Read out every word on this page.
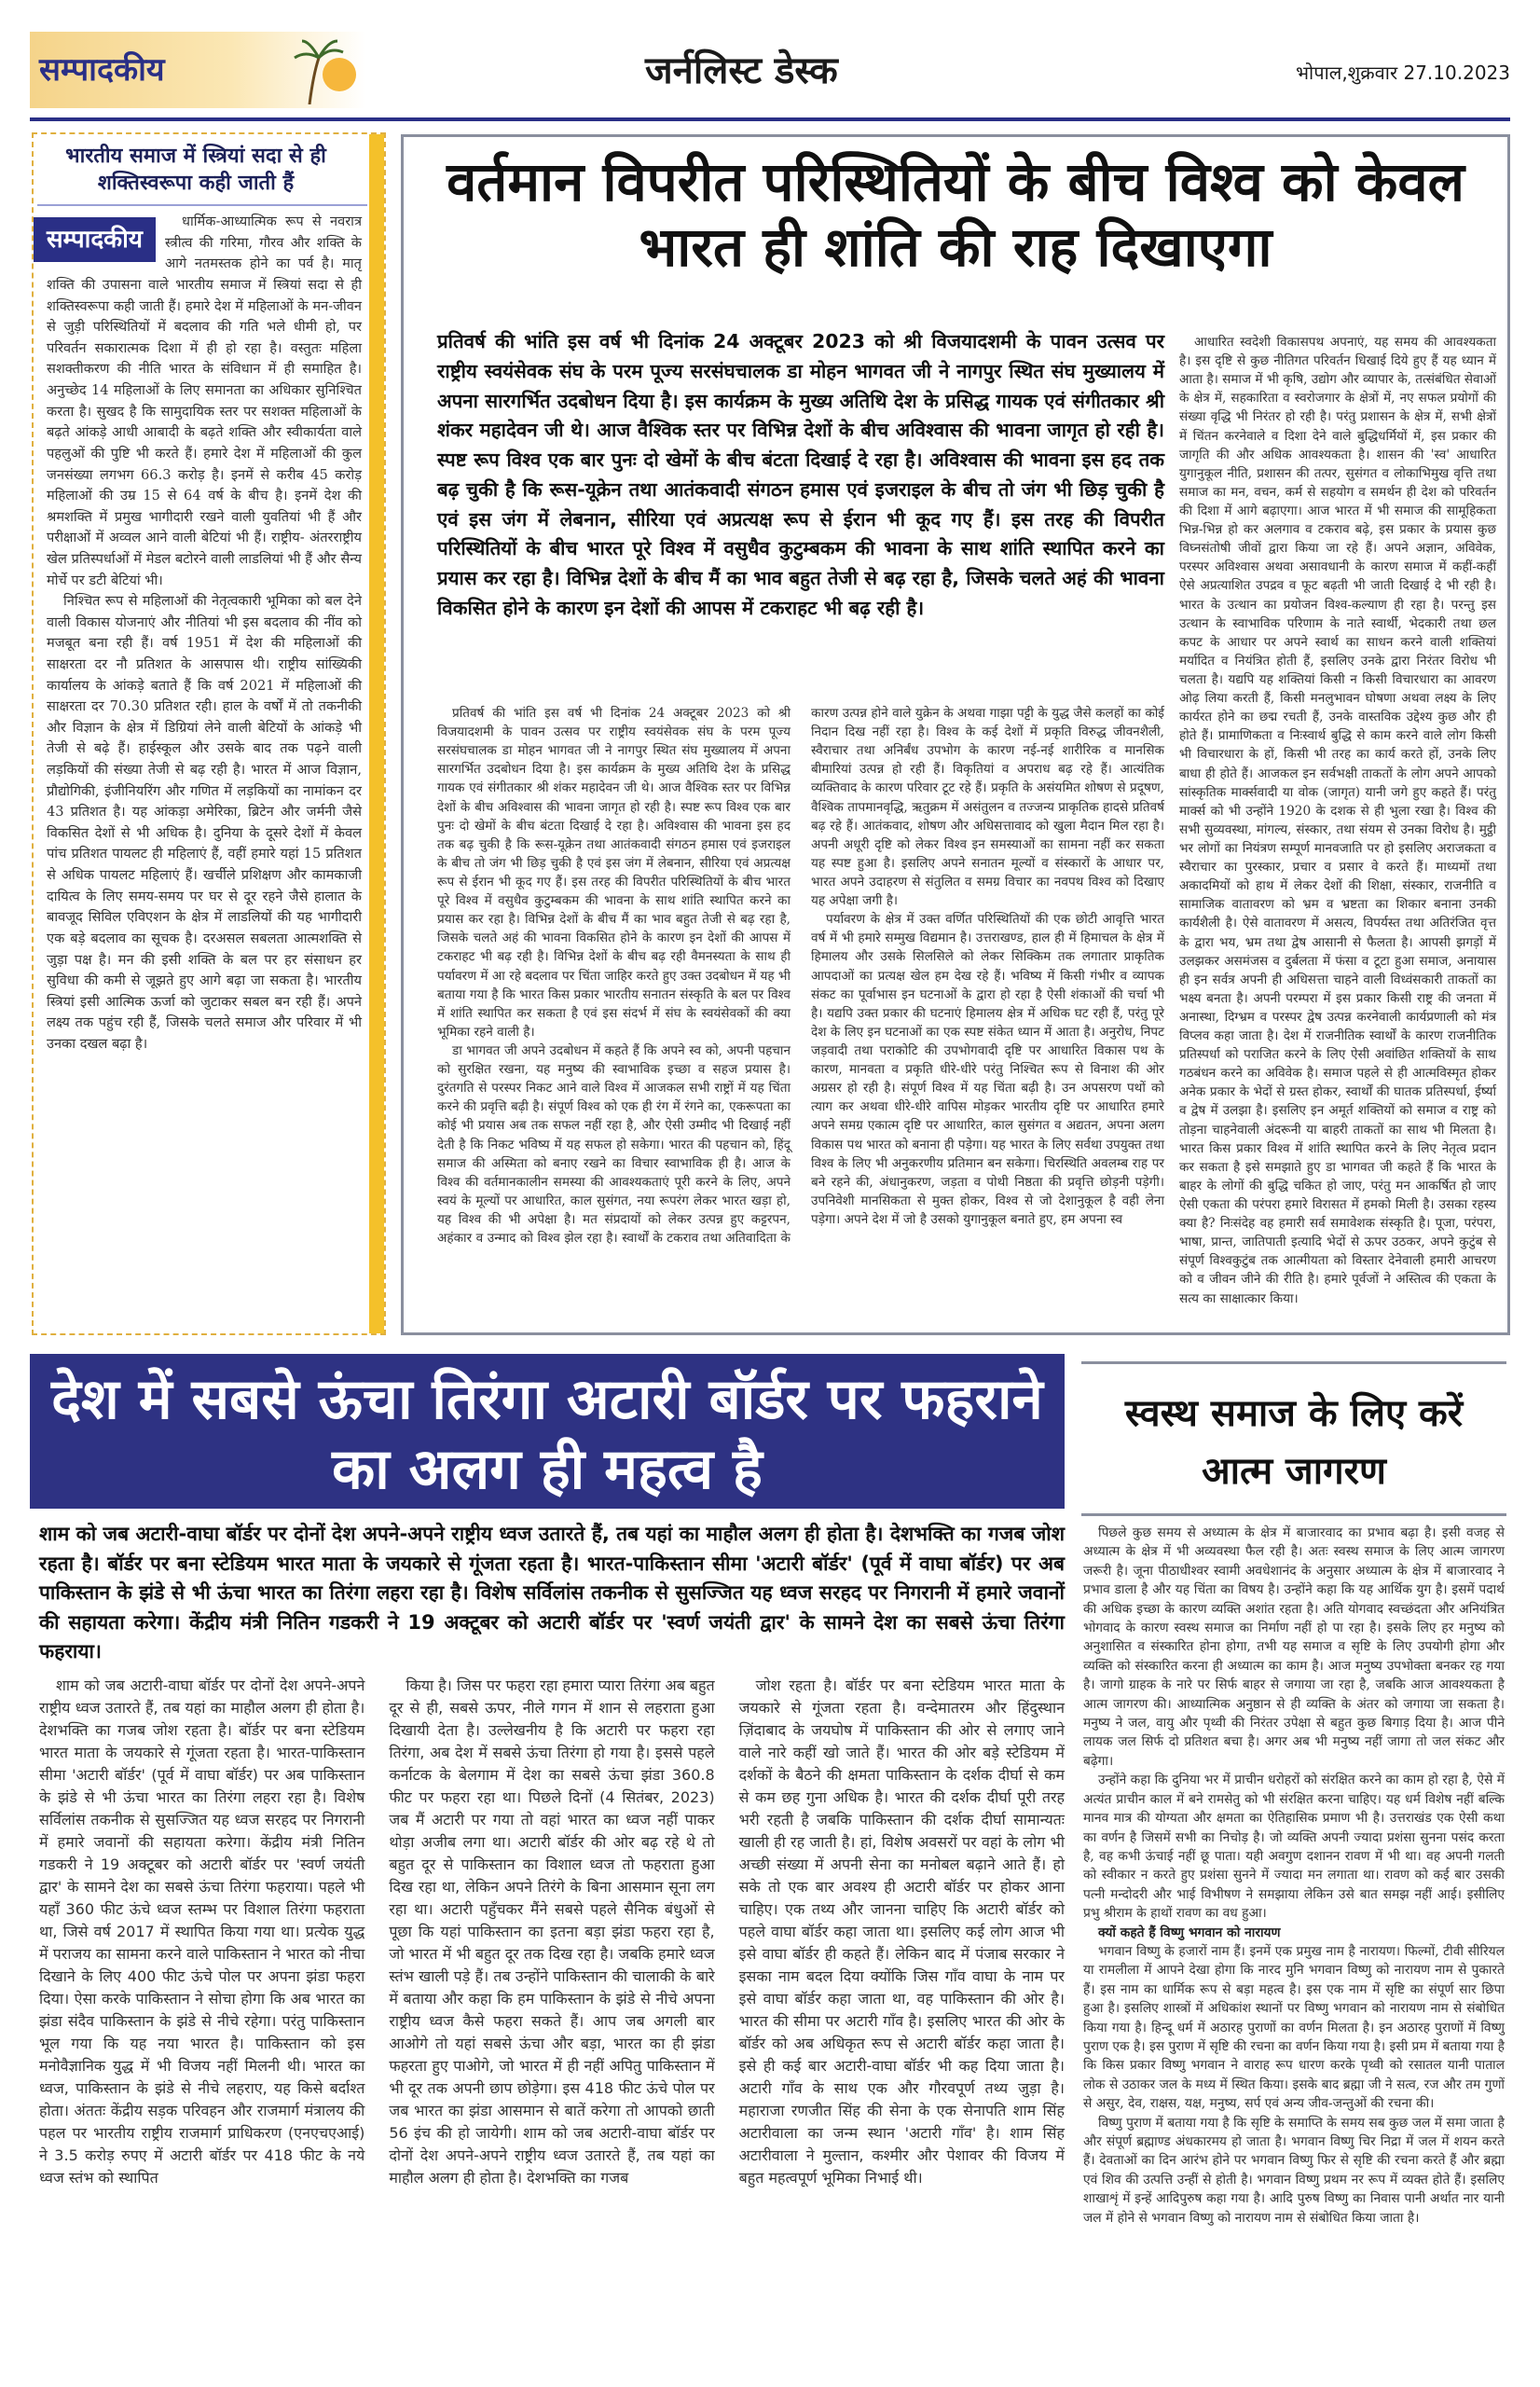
सम्पादकीय	जर्नलिस्ट डेस्क	भोपाल,शुक्रवार 27.10.2023
भारतीय समाज में स्त्रियां सदा से ही शक्तिस्वरूपा कही जाती हैं
सम्पादकीय

धार्मिक-आध्यात्मिक रूप से नवरात्र स्त्रीत्व की गरिमा, गौरव और शक्ति के आगे नतमस्तक होने का पर्व है। मातृ शक्ति की उपासना वाले भारतीय समाज में स्त्रियां सदा से ही शक्तिस्वरूपा कही जाती हैं। हमारे देश में महिलाओं के मन-जीवन से जुड़ी परिस्थितियों में बदलाव की गति भले धीमी हो, पर परिवर्तन सकारात्मक दिशा में ही हो रहा है। वस्तुतः महिला सशक्तीकरण की नीति भारत के संविधान में ही समाहित है। अनुच्छेद 14 महिलाओं के लिए समानता का अधिकार सुनिश्चित करता है। सुखद है कि सामुदायिक स्तर पर सशक्त महिलाओं के बढ़ते आंकड़े आधी आबादी के बढ़ते शक्ति और स्वीकार्यता वाले पहलुओं की पुष्टि भी करते हैं। हमारे देश में महिलाओं की कुल जनसंख्या लगभग 66.3 करोड़ है। इनमें से करीब 45 करोड़ महिलाओं की उम्र 15 से 64 वर्ष के बीच है। इनमें देश की श्रमशक्ति में प्रमुख भागीदारी रखने वाली युवतियां भी हैं और परीक्षाओं में अव्वल आने वाली बेटियां भी हैं। राष्ट्रीय- अंतरराष्ट्रीय खेल प्रतिस्पर्धाओं में मेडल बटोरने वाली लाडलियां भी हैं और सैन्य मोर्चे पर डटी बेटियां भी।

निश्चित रूप से महिलाओं की नेतृत्वकारी भूमिका को बल देने वाली विकास योजनाएं और नीतियां भी इस बदलाव की नींव को मजबूत बना रही हैं। वर्ष 1951 में देश की महिलाओं की साक्षरता दर नौ प्रतिशत के आसपास थी। राष्ट्रीय सांख्यिकी कार्यालय के आंकड़े बताते हैं कि वर्ष 2021 में महिलाओं की साक्षरता दर 70.30 प्रतिशत रही। हाल के वर्षों में तो तकनीकी और विज्ञान के क्षेत्र में डिग्रियां लेने वाली बेटियों के आंकड़े भी तेजी से बढ़े हैं। हाईस्कूल और उसके बाद तक पढ़ने वाली लड़कियों की संख्या तेजी से बढ़ रही है। भारत में आज विज्ञान, प्रौद्योगिकी, इंजीनियरिंग और गणित में लड़कियों का नामांकन दर 43 प्रतिशत है। यह आंकड़ा अमेरिका, ब्रिटेन और जर्मनी जैसे विकसित देशों से भी अधिक है। दुनिया के दूसरे देशों में केवल पांच प्रतिशत पायलट ही महिलाएं हैं, वहीं हमारे यहां 15 प्रतिशत से अधिक पायलट महिलाएं हैं। खर्चीले प्रशिक्षण और कामकाजी दायित्व के लिए समय-समय पर घर से दूर रहने जैसे हालात के बावजूद सिविल एविएशन के क्षेत्र में लाडलियों की यह भागीदारी एक बड़े बदलाव का सूचक है। दरअसल सबलता आत्मशक्ति से जुड़ा पक्ष है। मन की इसी शक्ति के बल पर हर संसाधन हर सुविधा की कमी से जूझते हुए आगे बढ़ा जा सकता है। भारतीय स्त्रियां इसी आत्मिक ऊर्जा को जुटाकर सबल बन रही हैं। अपने लक्ष्य तक पहुंच रही हैं, जिसके चलते समाज और परिवार में भी उनका दखल बढ़ा है।

वर्तमान विपरीत परिस्थितियों के बीच विश्व को केवल भारत ही शांति की राह दिखाएगा
प्रतिवर्ष की भांति इस वर्ष भी दिनांक 24 अक्टूबर 2023 को श्री विजयादशमी के पावन उत्सव पर राष्ट्रीय स्वयंसेवक संघ के परम पूज्य सरसंघचालक डा मोहन भागवत जी ने नागपुर स्थित संघ मुख्यालय में अपना सारगर्भित उदबोधन दिया है। इस कार्यक्रम के मुख्य अतिथि देश के प्रसिद्ध गायक एवं संगीतकार श्री शंकर महादेवन जी थे। आज वैश्विक स्तर पर विभिन्न देशों के बीच अविश्वास की भावना जागृत हो रही है। स्पष्ट रूप विश्व एक बार पुनः दो खेमों के बीच बंटता दिखाई दे रहा है। अविश्वास की भावना इस हद तक बढ़ चुकी है कि रूस-यूक्रेन तथा आतंकवादी संगठन हमास एवं इजराइल के बीच तो जंग भी छिड़ चुकी है एवं इस जंग में लेबनान, सीरिया एवं अप्रत्यक्ष रूप से ईरान भी कूद गए हैं। इस तरह की विपरीत परिस्थितियों के बीच भारत पूरे विश्व में वसुधैव कुटुम्बकम की भावना के साथ शांति स्थापित करने का प्रयास कर रहा है। विभिन्न देशों के बीच मैं का भाव बहुत तेजी से बढ़ रहा है, जिसके चलते अहं की भावना विकसित होने के कारण इन देशों की आपस में टकराहट भी बढ़ रही है।

प्रतिवर्ष की भांति इस वर्ष भी दिनांक 24 अक्टूबर 2023 को श्री विजयादशमी के पावन उत्सव पर राष्ट्रीय स्वयंसेवक संघ के परम पूज्य सरसंघचालक डा मोहन भागवत जी ने नागपुर स्थित संघ मुख्यालय में अपना सारगर्भित उदबोधन दिया है। इस कार्यक्रम के मुख्य अतिथि देश के प्रसिद्ध गायक एवं संगीतकार श्री शंकर महादेवन जी थे। आज वैश्विक स्तर पर विभिन्न देशों के बीच अविश्वास की भावना जागृत हो रही है। स्पष्ट रूप विश्व एक बार पुनः दो खेमों के बीच बंटता दिखाई दे रहा है। अविश्वास की भावना इस हद तक बढ़ चुकी है कि रूस-यूक्रेन तथा आतंकवादी संगठन हमास एवं इजराइल के बीच तो जंग भी छिड़ चुकी है एवं इस जंग में लेबनान, सीरिया एवं अप्रत्यक्ष रूप से ईरान भी कूद गए हैं। इस तरह की विपरीत परिस्थितियों के बीच भारत पूरे विश्व में वसुधैव कुटुम्बकम की भावना के साथ शांति स्थापित करने का प्रयास कर रहा है। विभिन्न देशों के बीच मैं का भाव बहुत तेजी से बढ़ रहा है, जिसके चलते अहं की भावना विकसित होने के कारण इन देशों की आपस में टकराहट भी बढ़ रही है। विभिन्न देशों के बीच बढ़ रही वैमनस्यता के साथ ही पर्यावरण में आ रहे बदलाव पर चिंता जाहिर करते हुए उक्त उदबोधन में यह भी बताया गया है कि भारत किस प्रकार भारतीय सनातन संस्कृति के बल पर विश्व में शांति स्थापित कर सकता है एवं इस संदर्भ में संघ के स्वयंसेवकों की क्या भूमिका रहने वाली है।

डा भागवत जी अपने उदबोधन में कहते हैं कि अपने स्व को, अपनी पहचान को सुरक्षित रखना, यह मनुष्य की स्वाभाविक इच्छा व सहज प्रयास है। दुरंतगति से परस्पर निकट आने वाले विश्व में आजकल सभी राष्ट्रों में यह चिंता करने की प्रवृत्ति बढ़ी है। संपूर्ण विश्व को एक ही रंग में रंगने का, एकरूपता का कोई भी प्रयास अब तक सफल नहीं रहा है, और ऐसी उम्मीद भी दिखाई नहीं देती है कि निकट भविष्य में यह सफल हो सकेगा। भारत की पहचान को, हिंदू समाज की अस्मिता को बनाए रखने का विचार स्वाभाविक ही है। आज के विश्व की वर्तमानकालीन समस्या की आवश्यकताएं पूरी करने के लिए, अपने स्वयं के मूल्यों पर आधारित, काल सुसंगत, नया रूपरंग लेकर भारत खड़ा हो, यह विश्व की भी अपेक्षा है। मत संप्रदायों को लेकर उत्पन्न हुए कट्टरपन, अहंकार व उन्माद को विश्व झेल रहा है। स्वार्थों के टकराव तथा अतिवादिता के कारण उत्पन्न होने वाले युक्रेन के अथवा गाझा पट्टी के युद्ध जैसे कलहों का कोई निदान दिख नहीं रहा है। विश्व के कई देशों में प्रकृति विरुद्ध जीवनशैली, स्वैराचार तथा अनिर्बंध उपभोग के कारण नई-नई शारीरिक व मानसिक बीमारियां उत्पन्न हो रही हैं। विकृतियां व अपराध बढ़ रहे हैं। आत्यंतिक व्यक्तिवाद के कारण परिवार टूट रहे हैं। प्रकृति के असंयमित शोषण से प्रदूषण, वैश्विक तापमानवृद्धि, ऋतुक्रम में असंतुलन व तज्जन्य प्राकृतिक हादसे प्रतिवर्ष बढ़ रहे हैं। आतंकवाद, शोषण और अधिसत्तावाद को खुला मैदान मिल रहा है। अपनी अधूरी दृष्टि को लेकर विश्व इन समस्याओं का सामना नहीं कर सकता यह स्पष्ट हुआ है। इसलिए अपने सनातन मूल्यों व संस्कारों के आधार पर, भारत अपने उदाहरण से संतुलित व समग्र विचार का नवपथ विश्व को दिखाए यह अपेक्षा जगी है।

पर्यावरण के क्षेत्र में उक्त वर्णित परिस्थितियों की एक छोटी आवृत्ति भारत वर्ष में भी हमारे सम्मुख विद्यमान है। उत्तराखण्ड, हाल ही में हिमाचल के क्षेत्र में हिमालय और उसके सिलसिले को लेकर सिक्किम तक लगातार प्राकृतिक आपदाओं का प्रत्यक्ष खेल हम देख रहे हैं। भविष्य में किसी गंभीर व व्यापक संकट का पूर्वाभास इन घटनाओं के द्वारा हो रहा है ऐसी शंकाओं की चर्चा भी है। यद्यपि उक्त प्रकार की घटनाएं हिमालय क्षेत्र में अधिक घट रही हैं, परंतु पूरे देश के लिए इन घटनाओं का एक स्पष्ट संकेत ध्यान में आता है। अनुरोध, निपट जड़वादी तथा पराकोटि की उपभोगवादी दृष्टि पर आधारित विकास पथ के कारण, मानवता व प्रकृति धीरे-धीरे परंतु निश्चित रूप से विनाश की ओर अग्रसर हो रही है। संपूर्ण विश्व में यह चिंता बढ़ी है। उन अपसरण पथों को त्याग कर अथवा धीरे-धीरे वापिस मोड़कर भारतीय दृष्टि पर आधारित हमारे अपने समग्र एकात्म दृष्टि पर आधारित, काल सुसंगत व अद्यतन, अपना अलग विकास पथ भारत को बनाना ही पड़ेगा। यह भारत के लिए सर्वथा उपयुक्त तथा विश्व के लिए भी अनुकरणीय प्रतिमान बन सकेगा। चिरस्थिति अवलम्ब राह पर बने रहने की, अंधानुकरण, जड़ता व पोथी निष्ठता की प्रवृत्ति छोड़नी पड़ेगी। उपनिवेशी मानसिकता से मुक्त होकर, विश्व से जो देशानुकूल है वही लेना पड़ेगा। अपने देश में जो है उसको युगानुकूल बनाते हुए, हम अपना स्व

आधारित स्वदेशी विकासपथ अपनाएं, यह समय की आवश्यकता है। इस दृष्टि से कुछ नीतिगत परिवर्तन धिखाई दिये हुए हैं यह ध्यान में आता है। समाज में भी कृषि, उद्योग और व्यापार के, तत्संबंधित सेवाओं के क्षेत्र में, सहकारिता व स्वरोजगार के क्षेत्रों में, नए सफल प्रयोगों की संख्या वृद्धि भी निरंतर हो रही है। परंतु प्रशासन के क्षेत्र में, सभी क्षेत्रों में चिंतन करनेवाले व दिशा देने वाले बुद्धिधर्मियों में, इस प्रकार की जागृति की और अधिक आवश्यकता है। शासन की 'स्व' आधारित युगानुकूल नीति, प्रशासन की तत्पर, सुसंगत व लोकाभिमुख वृत्ति तथा समाज का मन, वचन, कर्म से सहयोग व समर्थन ही देश को परिवर्तन की दिशा में आगे बढ़ाएगा। आज भारत में भी समाज की सामूहिकता भिन्न-भिन्न हो कर अलगाव व टकराव बढ़े, इस प्रकार के प्रयास कुछ विघ्नसंतोषी जीवों द्वारा किया जा रहे हैं। अपने अज्ञान, अविवेक, परस्पर अविश्वास अथवा असावधानी के कारण समाज में कहीं-कहीं ऐसे अप्रत्याशित उपद्रव व फूट बढ़ती भी जाती दिखाई दे भी रही है। भारत के उत्थान का प्रयोजन विश्व-कल्याण ही रहा है। परन्तु इस उत्थान के स्वाभाविक परिणाम के नाते स्वार्थी, भेदकारी तथा छल कपट के आधार पर अपने स्वार्थ का साधन करने वाली शक्तियां मर्यादित व नियंत्रित होती हैं, इसलिए उनके द्वारा निरंतर विरोध भी चलता है। यद्यपि यह शक्तियां किसी न किसी विचारधारा का आवरण ओढ़ लिया करती हैं, किसी मनलुभावन घोषणा अथवा लक्ष्य के लिए कार्यरत होने का छद्म रचती हैं, उनके वास्तविक उद्देश्य कुछ और ही होते हैं। प्रामाणिकता व निःस्वार्थ बुद्धि से काम करने वाले लोग किसी भी विचारधारा के हों, किसी भी तरह का कार्य करते हों, उनके लिए बाधा ही होते हैं। आजकल इन सर्वभक्षी ताकतों के लोग अपने आपको सांस्कृतिक मार्क्सवादी या वोक (जागृत) यानी जगे हुए कहते हैं। परंतु मार्क्स को भी उन्होंने 1920 के दशक से ही भुला रखा है। विश्व की सभी सुव्यवस्था, मांगल्य, संस्कार, तथा संयम से उनका विरोध है। मुट्ठी भर लोगों का नियंत्रण सम्पूर्ण मानवजाति पर हो इसलिए अराजकता व स्वैराचार का पुरस्कार, प्रचार व प्रसार वे करते हैं। माध्यमों तथा अकादमियों को हाथ में लेकर देशों की शिक्षा, संस्कार, राजनीति व सामाजिक वातावरण को भ्रम व भ्रष्टता का शिकार बनाना उनकी कार्यशैली है। ऐसे वातावरण में असत्य, विपर्यस्त तथा अतिरंजित वृत्त के द्वारा भय, भ्रम तथा द्वेष आसानी से फैलता है। आपसी झगड़ों में उलझकर असमंजस व दुर्बलता में फंसा व टूटा हुआ समाज, अनायास ही इन सर्वत्र अपनी ही अधिसत्ता चाहने वाली विध्वंसकारी ताकतों का भक्ष्य बनता है। अपनी परम्परा में इस प्रकार किसी राष्ट्र की जनता में अनास्था, दिग्भ्रम व परस्पर द्वेष उत्पन्न करनेवाली कार्यप्रणाली को मंत्र विप्लव कहा जाता है। देश में राजनीतिक स्वार्थों के कारण राजनीतिक प्रतिस्पर्धा को पराजित करने के लिए ऐसी अवांछित शक्तियों के साथ गठबंधन करने का अविवेक है। समाज पहले से ही आत्मविस्मृत होकर अनेक प्रकार के भेदों से ग्रस्त होकर, स्वार्थों की घातक प्रतिस्पर्धा, ईर्ष्या व द्वेष में उलझा है। इसलिए इन अमूर्त शक्तियों को समाज व राष्ट्र को तोड़ना चाहनेवाली अंदरूनी या बाहरी ताकतों का साथ भी मिलता है। भारत किस प्रकार विश्व में शांति स्थापित करने के लिए नेतृत्व प्रदान कर सकता है इसे समझाते हुए डा भागवत जी कहते हैं कि भारत के बाहर के लोगों की बुद्धि चकित हो जाए, परंतु मन आकर्षित हो जाए ऐसी एकता की परंपरा हमारे विरासत में हमको मिली है। उसका रहस्य क्या है? निःसंदेह वह हमारी सर्व समावेशक संस्कृति है। पूजा, परंपरा, भाषा, प्रान्त, जातिपाती इत्यादि भेदों से ऊपर उठकर, अपने कुटुंब से संपूर्ण विश्वकुटुंब तक आत्मीयता को विस्तार देनेवाली हमारी आचरण को व जीवन जीने की रीति है। हमारे पूर्वजों ने अस्तित्व की एकता के सत्य का साक्षात्कार किया।

देश में सबसे ऊंचा तिरंगा अटारी बॉर्डर पर फहराने का अलग ही महत्व है
शाम को जब अटारी-वाघा बॉर्डर पर दोनों देश अपने-अपने राष्ट्रीय ध्वज उतारते हैं, तब यहां का माहौल अलग ही होता है। देशभक्ति का गजब जोश रहता है। बॉर्डर पर बना स्टेडियम भारत माता के जयकारे से गूंजता रहता है। भारत-पाकिस्तान सीमा 'अटारी बॉर्डर' (पूर्व में वाघा बॉर्डर) पर अब पाकिस्तान के झंडे से भी ऊंचा भारत का तिरंगा लहरा रहा है। विशेष सर्विलांस तकनीक से सुसज्जित यह ध्वज सरहद पर निगरानी में हमारे जवानों की सहायता करेगा। केंद्रीय मंत्री नितिन गडकरी ने 19 अक्टूबर को अटारी बॉर्डर पर 'स्वर्ण जयंती द्वार' के सामने देश का सबसे ऊंचा तिरंगा फहराया।

शाम को जब अटारी-वाघा बॉर्डर पर दोनों देश अपने-अपने राष्ट्रीय ध्वज उतारते हैं, तब यहां का माहौल अलग ही होता है। देशभक्ति का गजब जोश रहता है। बॉर्डर पर बना स्टेडियम भारत माता के जयकारे से गूंजता रहता है। भारत-पाकिस्तान सीमा 'अटारी बॉर्डर' (पूर्व में वाघा बॉर्डर) पर अब पाकिस्तान के झंडे से भी ऊंचा भारत का तिरंगा लहरा रहा है। विशेष सर्विलांस तकनीक से सुसज्जित यह ध्वज सरहद पर निगरानी में हमारे जवानों की सहायता करेगा। केंद्रीय मंत्री नितिन गडकरी ने 19 अक्टूबर को अटारी बॉर्डर पर 'स्वर्ण जयंती द्वार' के सामने देश का सबसे ऊंचा तिरंगा फहराया। पहले भी यहाँ 360 फीट ऊंचे ध्वज स्तम्भ पर विशाल तिरंगा फहराता था, जिसे वर्ष 2017 में स्थापित किया गया था। प्रत्येक युद्ध में पराजय का सामना करने वाले पाकिस्तान ने भारत को नीचा दिखाने के लिए 400 फीट ऊंचे पोल पर अपना झंडा फहरा दिया। ऐसा करके पाकिस्तान ने सोचा होगा कि अब भारत का झंडा संदैव पाकिस्तान के झंडे से नीचे रहेगा। परंतु पाकिस्तान भूल गया कि यह नया भारत है। पाकिस्तान को इस मनोवैज्ञानिक युद्ध में भी विजय नहीं मिलनी थी। भारत का ध्वज, पाकिस्तान के झंडे से नीचे लहराए, यह किसे बर्दाश्त होता। अंततः केंद्रीय सड़क परिवहन और राजमार्ग मंत्रालय की पहल पर भारतीय राष्ट्रीय राजमार्ग प्राधिकरण (एनएचएआई) ने 3.5 करोड़ रुपए में अटारी बॉर्डर पर 418 फीट के नये ध्वज स्तंभ को स्थापित

किया है। जिस पर फहरा रहा हमारा प्यारा तिरंगा अब बहुत दूर से ही, सबसे ऊपर, नीले गगन में शान से लहराता हुआ दिखायी देता है। उल्लेखनीय है कि अटारी पर फहरा रहा तिरंगा, अब देश में सबसे ऊंचा तिरंगा हो गया है। इससे पहले कर्नाटक के बेलगाम में देश का सबसे ऊंचा झंडा 360.8 फीट पर फहरा रहा था। पिछले दिनों (4 सितंबर, 2023) जब मैं अटारी पर गया तो वहां भारत का ध्वज नहीं पाकर थोड़ा अजीब लगा था। अटारी बॉर्डर की ओर बढ़ रहे थे तो बहुत दूर से पाकिस्तान का विशाल ध्वज तो फहराता हुआ दिख रहा था, लेकिन अपने तिरंगे के बिना आसमान सूना लग रहा था। अटारी पहुँचकर मैंने सबसे पहले सैनिक बंधुओं से पूछा कि यहां पाकिस्तान का इतना बड़ा झंडा फहरा रहा है, जो भारत में भी बहुत दूर तक दिख रहा है। जबकि हमारे ध्वज स्तंभ खाली पड़े हैं। तब उन्होंने पाकिस्तान की चालाकी के बारे में बताया और कहा कि हम पाकिस्तान के झंडे से नीचे अपना राष्ट्रीय ध्वज कैसे फहरा सकते हैं। आप जब अगली बार आओगे तो यहां सबसे ऊंचा और बड़ा, भारत का ही झंडा फहरता हुए पाओगे, जो भारत में ही नहीं अपितु पाकिस्तान में भी दूर तक अपनी छाप छोड़ेगा। इस 418 फीट ऊंचे पोल पर जब भारत का झंडा आसमान से बातें करेगा तो आपको छाती 56 इंच की हो जायेगी। शाम को जब अटारी-वाघा बॉर्डर पर दोनों देश अपने-अपने राष्ट्रीय ध्वज उतारते हैं, तब यहां का माहौल अलग ही होता है। देशभक्ति का गजब

जोश रहता है। बॉर्डर पर बना स्टेडियम भारत माता के जयकारे से गूंजता रहता है। वन्देमातरम और हिंदुस्थान ज़िंदाबाद के जयघोष में पाकिस्तान की ओर से लगाए जाने वाले नारे कहीं खो जाते हैं। भारत की ओर बड़े स्टेडियम में दर्शकों के बैठने की क्षमता पाकिस्तान के दर्शक दीर्घा से कम से कम छह गुना अधिक है। भारत की दर्शक दीर्घा पूरी तरह भरी रहती है जबकि पाकिस्तान की दर्शक दीर्घा सामान्यतः खाली ही रह जाती है। हां, विशेष अवसरों पर वहां के लोग भी अच्छी संख्या में अपनी सेना का मनोबल बढ़ाने आते हैं। हो सके तो एक बार अवश्य ही अटारी बॉर्डर पर होकर आना चाहिए। एक तथ्य और जानना चाहिए कि अटारी बॉर्डर को पहले वाघा बॉर्डर कहा जाता था। इसलिए कई लोग आज भी इसे वाघा बॉर्डर ही कहते हैं। लेकिन बाद में पंजाब सरकार ने इसका नाम बदल दिया क्योंकि जिस गाँव वाघा के नाम पर इसे वाघा बॉर्डर कहा जाता था, वह पाकिस्तान की ओर है। भारत की सीमा पर अटारी गाँव है। इसलिए भारत की ओर के बॉर्डर को अब अधिकृत रूप से अटारी बॉर्डर कहा जाता है। इसे ही कई बार अटारी-वाघा बॉर्डर भी कह दिया जाता है। अटारी गाँव के साथ एक और गौरवपूर्ण तथ्य जुड़ा है। महाराजा रणजीत सिंह की सेना के एक सेनापति शाम सिंह अटारीवाला का जन्म स्थान 'अटारी गाँव' है। शाम सिंह अटारीवाला ने मुल्तान, कश्मीर और पेशावर की विजय में बहुत महत्वपूर्ण भूमिका निभाई थी।

स्वस्थ समाज के लिए करें आत्म जागरण

पिछले कुछ समय से अध्यात्म के क्षेत्र में बाजारवाद का प्रभाव बढ़ा है। इसी वजह से अध्यात्म के क्षेत्र में भी अव्यवस्था फैल रही है। अतः स्वस्थ समाज के लिए आत्म जागरण जरूरी है। जूना पीठाधीश्वर स्वामी अवधेशानंद के अनुसार अध्यात्म के क्षेत्र में बाजारवाद ने प्रभाव डाला है और यह चिंता का विषय है। उन्होंने कहा कि यह आर्थिक युग है। इसमें पदार्थ की अधिक इच्छा के कारण व्यक्ति अशांत रहता है। अति योगवाद स्वच्छंदता और अनियंत्रित भोगवाद के कारण स्वस्थ समाज का निर्माण नहीं हो पा रहा है। इसके लिए हर मनुष्य को अनुशासित व संस्कारित होना होगा, तभी यह समाज व सृष्टि के लिए उपयोगी होगा और व्यक्ति को संस्कारित करना ही अध्यात्म का काम है। आज मनुष्य उपभोक्ता बनकर रह गया है। जागो ग्राहक के नारे पर सिर्फ बाहर से जगाया जा रहा है, जबकि आज आवश्यकता है आत्म जागरण की। आध्यात्मिक अनुष्ठान से ही व्यक्ति के अंतर को जगाया जा सकता है। मनुष्य ने जल, वायु और पृथ्वी की निरंतर उपेक्षा से बहुत कुछ बिगाड़ दिया है। आज पीने लायक जल सिर्फ दो प्रतिशत बचा है। अगर अब भी मनुष्य नहीं जागा तो जल संकट और बढ़ेगा।

उन्होंने कहा कि दुनिया भर में प्राचीन धरोहरों को संरक्षित करने का काम हो रहा है, ऐसे में अत्यंत प्राचीन काल में बने रामसेतु को भी संरक्षित करना चाहिए। यह धर्म विशेष नहीं बल्कि मानव मात्र की योग्यता और क्षमता का ऐतिहासिक प्रमाण भी है। उत्तराखंड एक ऐसी कथा का वर्णन है जिसमें सभी का निचोड़ है। जो व्यक्ति अपनी ज्यादा प्रशंसा सुनना पसंद करता है, वह कभी ऊंचाई नहीं छू पाता। यही अवगुण दशानन रावण में भी था। वह अपनी गलती को स्वीकार न करते हुए प्रशंसा सुनने में ज्यादा मन लगाता था। रावण को कई बार उसकी पत्नी मन्दोदरी और भाई विभीषण ने समझाया लेकिन उसे बात समझ नहीं आई। इसीलिए प्रभु श्रीराम के हाथों रावण का वध हुआ।

क्यों कहते हैं विष्णु भगवान को नारायण

भगवान विष्णु के हजारों नाम हैं। इनमें एक प्रमुख नाम है नारायण। फिल्मों, टीवी सीरियल या रामलीला में आपने देखा होगा कि नारद मुनि भगवान विष्णु को नारायण नाम से पुकारते हैं। इस नाम का धार्मिक रूप से बड़ा महत्व है। इस एक नाम में सृष्टि का संपूर्ण सार छिपा हुआ है। इसलिए शास्त्रों में अधिकांश स्थानों पर विष्णु भगवान को नारायण नाम से संबोधित किया गया है। हिन्दू धर्म में अठारह पुराणों का वर्णन मिलता है। इन अठारह पुराणों में विष्णु पुराण एक है। इस पुराण में सृष्टि की रचना का वर्णन किया गया है। इसी प्रम में बताया गया है कि किस प्रकार विष्णु भगवान ने वाराह रूप धारण करके पृथ्वी को रसातल यानी पाताल लोक से उठाकर जल के मध्य में स्थित किया। इसके बाद ब्रह्मा जी ने सत्व, रज और तम गुणों से असुर, देव, राक्षस, यक्ष, मनुष्य, सर्प एवं अन्य जीव-जन्तुओं की रचना की।

विष्णु पुराण में बताया गया है कि सृष्टि के समाप्ति के समय सब कुछ जल में समा जाता है और संपूर्ण ब्रह्माण्ड अंधकारमय हो जाता है। भगवान विष्णु चिर निद्रा में जल में शयन करते हैं। देवताओं का दिन आरंभ होने पर भगवान विष्णु फिर से सृष्टि की रचना करते हैं और ब्रह्मा एवं शिव की उत्पत्ति उन्हीं से होती है। भगवान विष्णु प्रथम नर रूप में व्यक्त होते हैं। इसलिए शाखाशृं में इन्हें आदिपुरुष कहा गया है। आदि पुरुष विष्णु का निवास पानी अर्थात नार यानी जल में होने से भगवान विष्णु को नारायण नाम से संबोधित किया जाता है।
